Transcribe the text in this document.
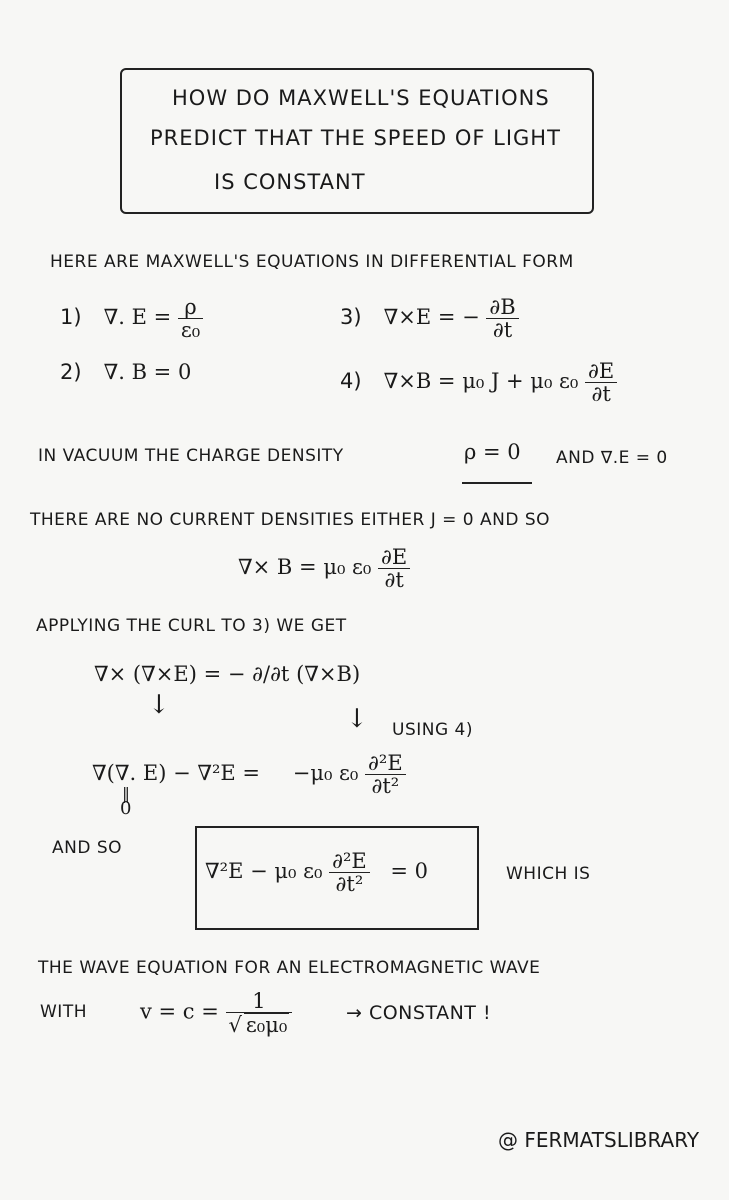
HOW DO MAXWELL'S EQUATIONS
PREDICT THAT THE SPEED OF LIGHT
IS CONSTANT
HERE ARE MAXWELL'S EQUATIONS IN DIFFERENTIAL FORM
1) ∇. $E = \frac{\rho}{\text{ε₀}}$	3) ∇×E = − $\frac{\partial B}{\partial t}$
2) ∇. B = 0	4) ∇×B = μ₀ J + μ₀ $\varepsilon_0 \frac{\partial E}{\partial t}$
IN VACUUM THE CHARGE DENSITY	ρ = 0 AND ∇.E = 0
THERE ARE NO CURRENT DENSITIES EITHER J = 0 AND SO
∇× B = μ₀ $\varepsilon_0 \frac{\partial E}{\partial t}$
APPLYING THE CURL TO 3) WE GET
∇× (∇×E) = − ∂/∂t (∇×B)
↓	↓ USING 4)
∇(∇. E) − ∇²E = −μ₀ $\varepsilon_0 \frac{\text{∂²E}}{\text{∂t²}}$
‖
0
AND SO
∇²E − μ₀ $\varepsilon_0 \frac{\text{∂²E}}{\text{∂t²}} = 0$	WHICH IS
THE WAVE EQUATION FOR AN ELECTROMAGNETIC WAVE
WITH	$v = c = \frac{1}{\text{√ ε₀μ₀}}$	→ CONSTANT !
@ FERMATSLIBRARY
